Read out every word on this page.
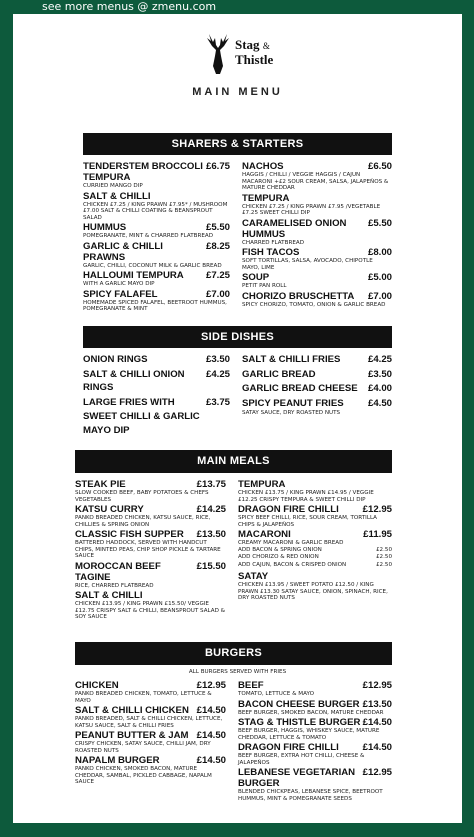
see more menus @ zmenu.com
Stag &
Thistle
MAIN MENU
SHARERS & STARTERS
TENDERSTEM BROCCOLI TEMPURA
£6.75
CURRIED MANGO DIP
SALT & CHILLI
CHICKEN £7.25 / KING PRAWN £7.95* / MUSHROOM £7.00 SALT & CHILLI COATING & BEANSPROUT SALAD
HUMMUS	£5.50
POMEGRANATE, MINT & CHARRED FLATBREAD
GARLIC & CHILLI PRAWNS
£8.25
GARLIC, CHILLI, COCONUT MILK & GARLIC BREAD
HALLOUMI TEMPURA £7.25
WITH A GARLIC MAYO DIP
SPICY FALAFEL	£7.00
HOMEMADE SPICED FALAFEL, BEETROOT HUMMUS, POMEGRANATE & MINT
NACHOS	£6.50
HAGGIS / CHILLI / VEGGIE HAGGIS / CAJUN MACARONI +£2 SOUR CREAM, SALSA, JALAPEÑOS & MATURE CHEDDAR
TEMPURA
CHICKEN £7.25 / KING PRAWN £7.95 /VEGETABLE £7.25 SWEET CHILLI DIP
CARAMELISED ONION HUMMUS
£5.50
CHARRED FLATBREAD
FISH TACOS	£8.00
SOFT TORTILLAS, SALSA, AVOCADO, CHIPOTLE MAYO, LIME
SOUP	£5.00
PETIT PAN ROLL
CHORIZO BRUSCHETTA £7.00
SPICY CHORIZO, TOMATO, ONION & GARLIC BREAD
SIDE DISHES
ONION RINGS	£3.50
SALT & CHILLI ONION RINGS
£4.25
LARGE FRIES WITH	£3.75
SWEET CHILLI & GARLIC MAYO DIP
SALT & CHILLI FRIES	£4.25
GARLIC BREAD	£3.50
GARLIC BREAD CHEESE £4.00
SPICY PEANUT FRIES	£4.50
SATAY SAUCE, DRY ROASTED NUTS
MAIN MEALS
STEAK PIE	£13.75
SLOW COOKED BEEF, BABY POTATOES & CHEFS VEGETABLES
KATSU CURRY	£14.25
PANKO BREADED CHICKEN, KATSU SAUCE, RICE, CHILLIES & SPRING ONION
CLASSIC FISH SUPPER £13.50
BATTERED HADDOCK, SERVED WITH HANDCUT CHIPS, MINTED PEAS, CHIP SHOP PICKLE & TARTARE SAUCE
MOROCCAN BEEF TAGINE
£15.50
RICE, CHARRED FLATBREAD
SALT & CHILLI
CHICKEN £13.95 / KING PRAWN £15.50/ VEGGIE £12.75 CRISPY SALT & CHILLI, BEANSPROUT SALAD & SOY SAUCE
TEMPURA
CHICKEN £13.75 / KING PRAWN £14.95 / VEGGIE £12.25 CRISPY TEMPURA & SWEET CHILLI DIP
DRAGON FIRE CHILLI £12.95
SPICY BEEF CHILLI, RICE, SOUR CREAM, TORTILLA CHIPS & JALAPEÑOS
MACARONI	£11.95
CREAMY MACARONI & GARLIC BREAD
ADD BACON & SPRING ONION	£2.50
ADD CHORIZO & RED ONION	£2.50
ADD CAJUN, BACON & CRISPED ONION	£2.50
SATAY
CHICKEN £13.95 / SWEET POTATO £12.50 / KING PRAWN £13.30 SATAY SAUCE, ONION, SPINACH, RICE, DRY ROASTED NUTS
BURGERS
ALL BURGERS SERVED WITH FRIES
CHICKEN	£12.95
PANKO BREADED CHICKEN, TOMATO, LETTUCE & MAYO
SALT & CHILLI CHICKEN £14.50
PANKO BREADED, SALT & CHILLI CHICKEN, LETTUCE, KATSU SAUCE, SALT & CHILLI FRIES
PEANUT BUTTER & JAM £14.50
CRISPY CHICKEN, SATAY SAUCE, CHILLI JAM, DRY ROASTED NUTS
NAPALM BURGER	£14.50
PANKO CHICKEN, SMOKED BACON, MATURE CHEDDAR, SAMBAL, PICKLED CABBAGE, NAPALM SAUCE
BEEF	£12.95
TOMATO, LETTUCE & MAYO
BACON CHEESE BURGER £13.50
BEEF BURGER, SMOKED BACON, MATURE CHEDDAR
STAG & THISTLE BURGER £14.50
BEEF BURGER, HAGGIS, WHISKEY SAUCE, MATURE CHEDDAR, LETTUCE & TOMATO
DRAGON FIRE CHILLI £14.50
BEEF BURGER, EXTRA HOT CHILLI, CHEESE & JALAPEÑOS
LEBANESE VEGETARIAN BURGER
£12.95
BLENDED CHICKPEAS, LEBANESE SPICE, BEETROOT HUMMUS, MINT & POMEGRANATE SEEDS
